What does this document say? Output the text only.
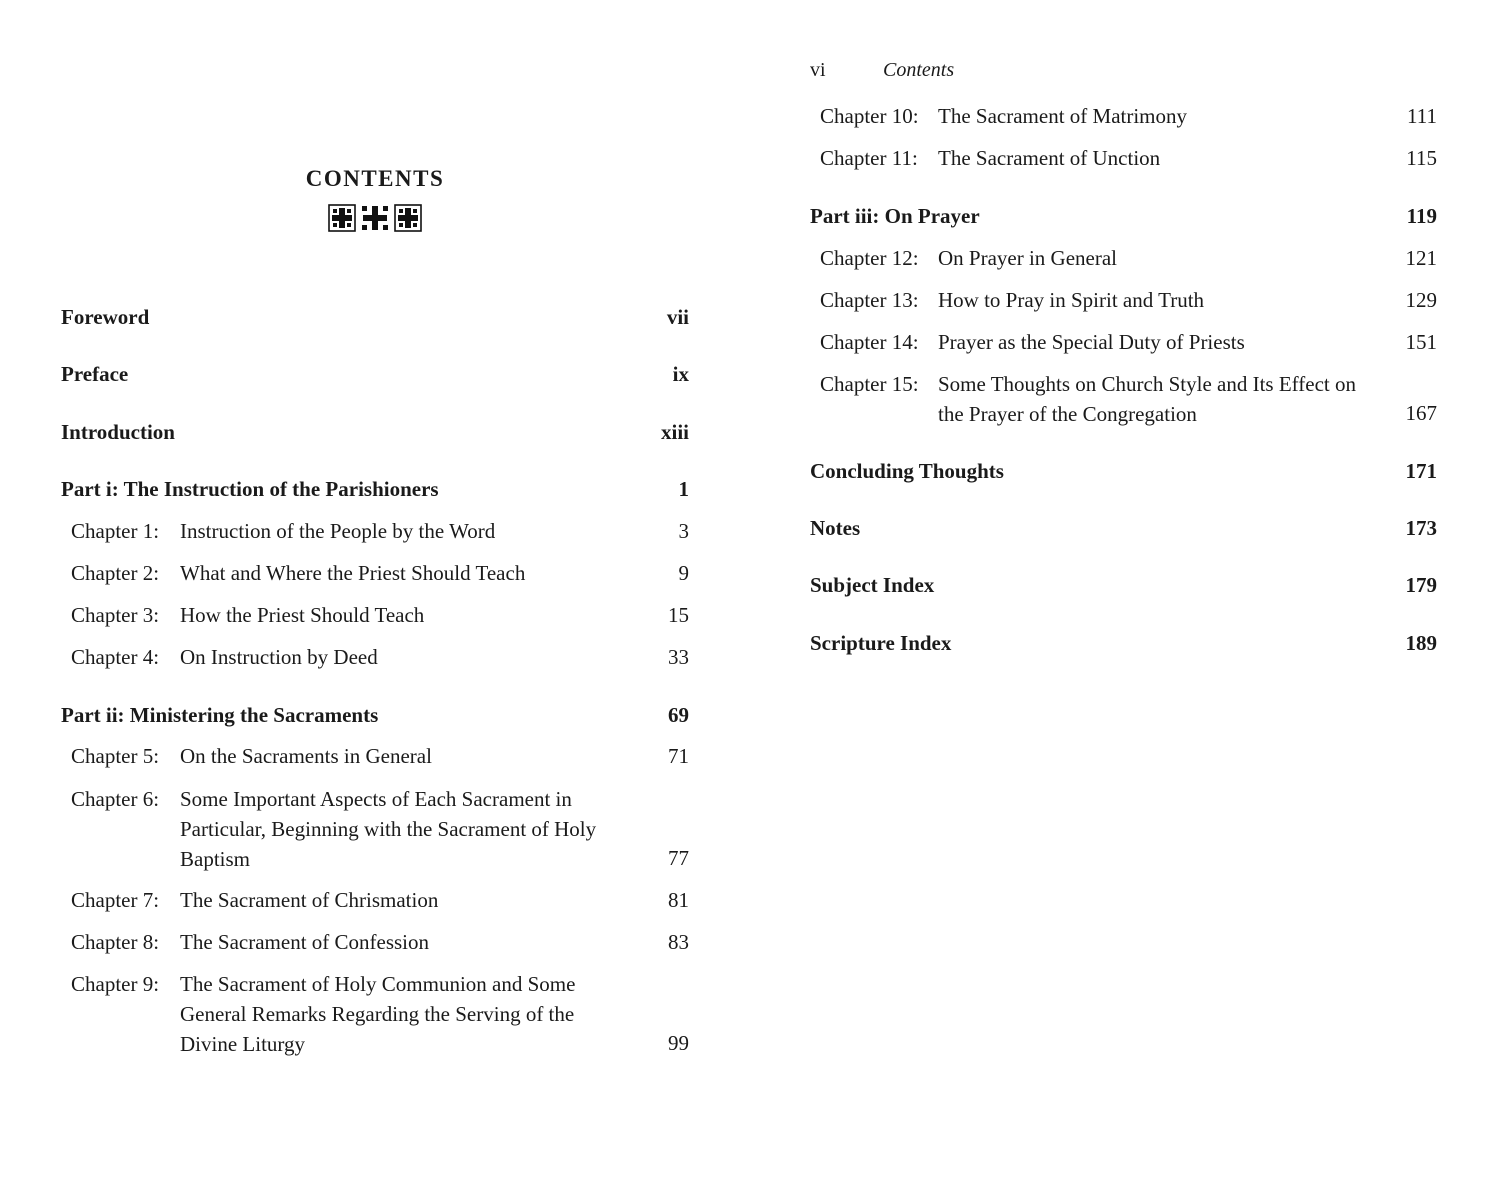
CONTENTS
Foreword	vii
Preface	ix
Introduction	xiii
Part i: The Instruction of the Parishioners	1
Chapter 1: Instruction of the People by the Word	3
Chapter 2: What and Where the Priest Should Teach	9
Chapter 3: How the Priest Should Teach	15
Chapter 4: On Instruction by Deed	33
Part ii: Ministering the Sacraments	69
Chapter 5: On the Sacraments in General	71
Chapter 6: Some Important Aspects of Each Sacrament in Particular, Beginning with the Sacrament of Holy Baptism	77
Chapter 7: The Sacrament of Chrismation	81
Chapter 8: The Sacrament of Confession	83
Chapter 9: The Sacrament of Holy Communion and Some General Remarks Regarding the Serving of the Divine Liturgy	99
vi	Contents
Chapter 10: The Sacrament of Matrimony	111
Chapter 11: The Sacrament of Unction	115
Part iii: On Prayer	119
Chapter 12: On Prayer in General	121
Chapter 13: How to Pray in Spirit and Truth	129
Chapter 14: Prayer as the Special Duty of Priests	151
Chapter 15: Some Thoughts on Church Style and Its Effect on the Prayer of the Congregation	167
Concluding Thoughts	171
Notes	173
Subject Index	179
Scripture Index	189
